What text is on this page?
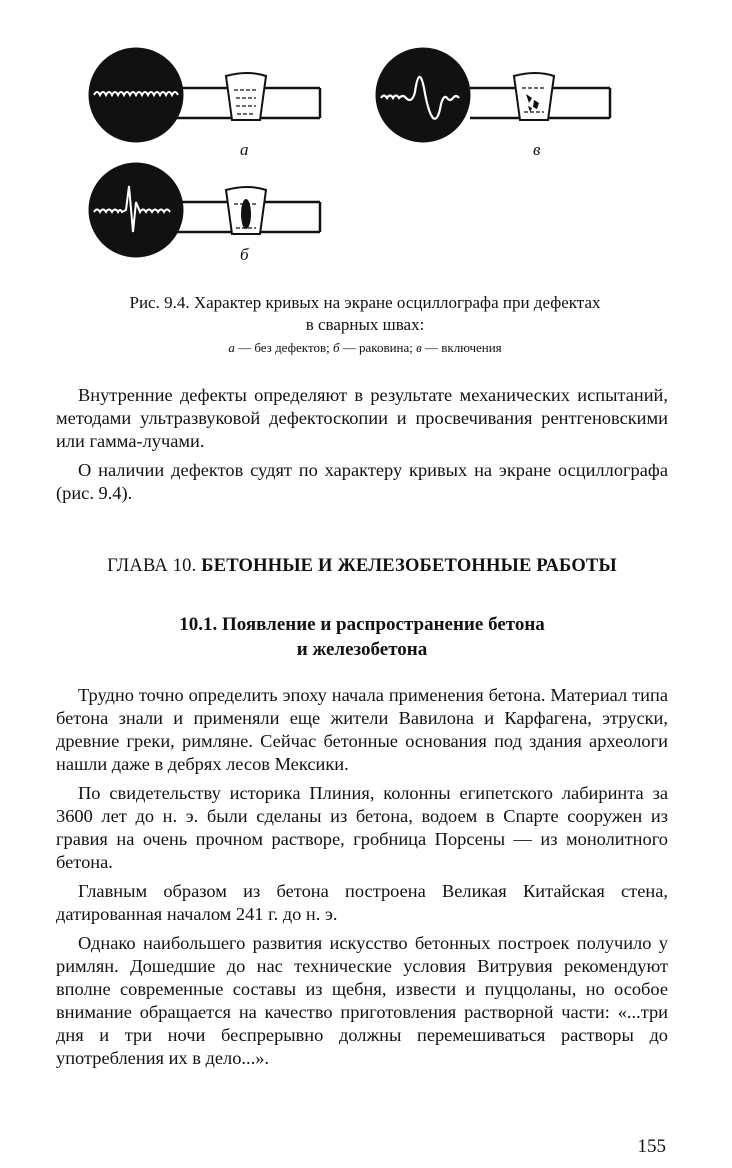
а
б
в
Рис. 9.4. Характер кривых на экране осциллографа при дефектах
в сварных швах:
а — без дефектов; б — раковина; в — включения

Внутренние дефекты определяют в результате механических испытаний, методами ультразвуковой дефектоскопии и просвечивания рентгеновскими или гамма-лучами.

О наличии дефектов судят по характеру кривых на экране осциллографа (рис. 9.4).

ГЛАВА 10. БЕТОННЫЕ И ЖЕЛЕЗОБЕТОННЫЕ РАБОТЫ
10.1. Появление и распространение бетона
и железобетона

Трудно точно определить эпоху начала применения бетона. Материал типа бетона знали и применяли еще жители Вавилона и Карфагена, этруски, древние греки, римляне. Сейчас бетонные основания под здания археологи нашли даже в дебрях лесов Мексики.

По свидетельству историка Плиния, колонны египетского лабиринта за 3600 лет до н. э. были сделаны из бетона, водоем в Спарте сооружен из гравия на очень прочном растворе, гробница Порсены — из монолитного бетона.

Главным образом из бетона построена Великая Китайская стена, датированная началом 241 г. до н. э.

Однако наибольшего развития искусство бетонных построек получило у римлян. Дошедшие до нас технические условия Витрувия рекомендуют вполне современные составы из щебня, извести и пуццоланы, но особое внимание обращается на качество приготовления растворной части: «...три дня и три ночи беспрерывно должны перемешиваться растворы до употребления их в дело...».

155
